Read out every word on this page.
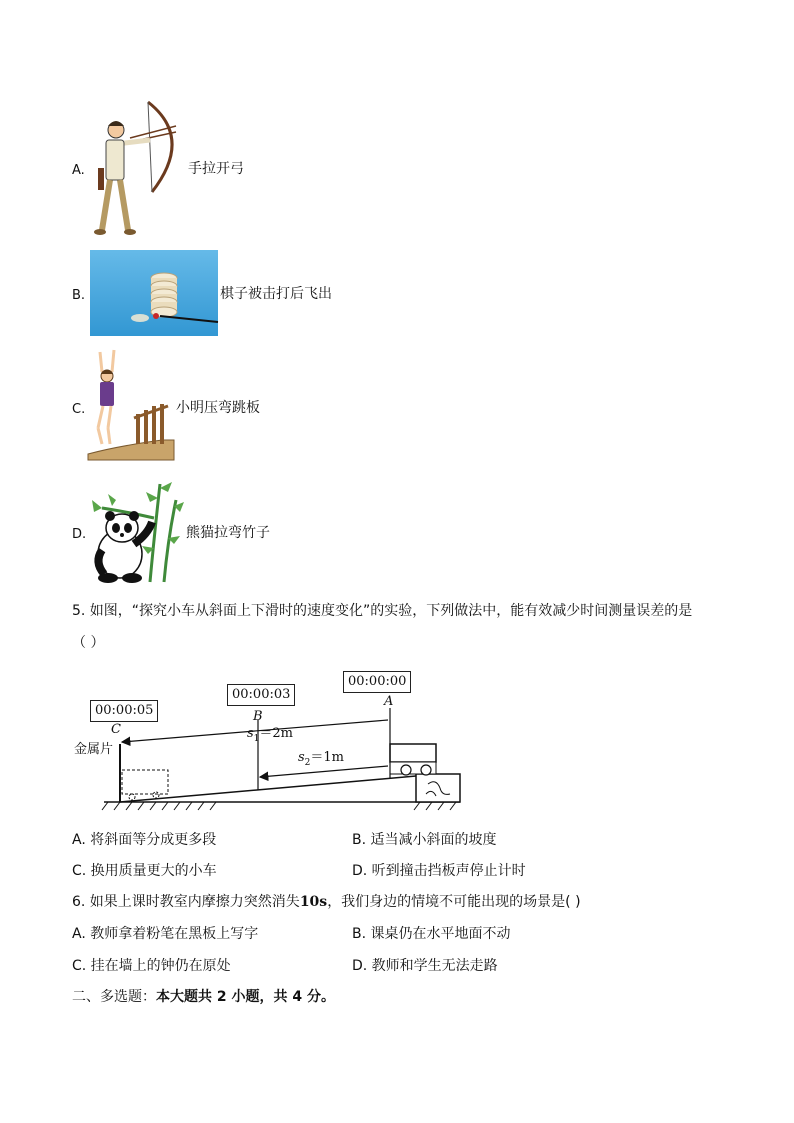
A.	手拉开弓
B.	棋子被击打后飞出
C.	小明压弯跳板
D.	熊猫拉弯竹子
5. 如图，“探究小车从斜面上下滑时的速度变化”的实验，下列做法中，能有效减少时间测量误差的是
（ ）
00:00:05
00:00:03
00:00:00
C
B
A
金属片
$s_1=2m$
$s_2=1m$
A. 将斜面等分成更多段	B. 适当减小斜面的坡度
C. 换用质量更大的小车	D. 听到撞击挡板声停止计时
6. 如果上课时教室内摩擦力突然消失10s，我们身边的情境不可能出现的场景是( )
A. 教师拿着粉笔在黑板上写字	B. 课桌仍在水平地面不动
C. 挂在墙上的钟仍在原处	D. 教师和学生无法走路
二、多选题：本大题共 2 小题，共 4 分。
